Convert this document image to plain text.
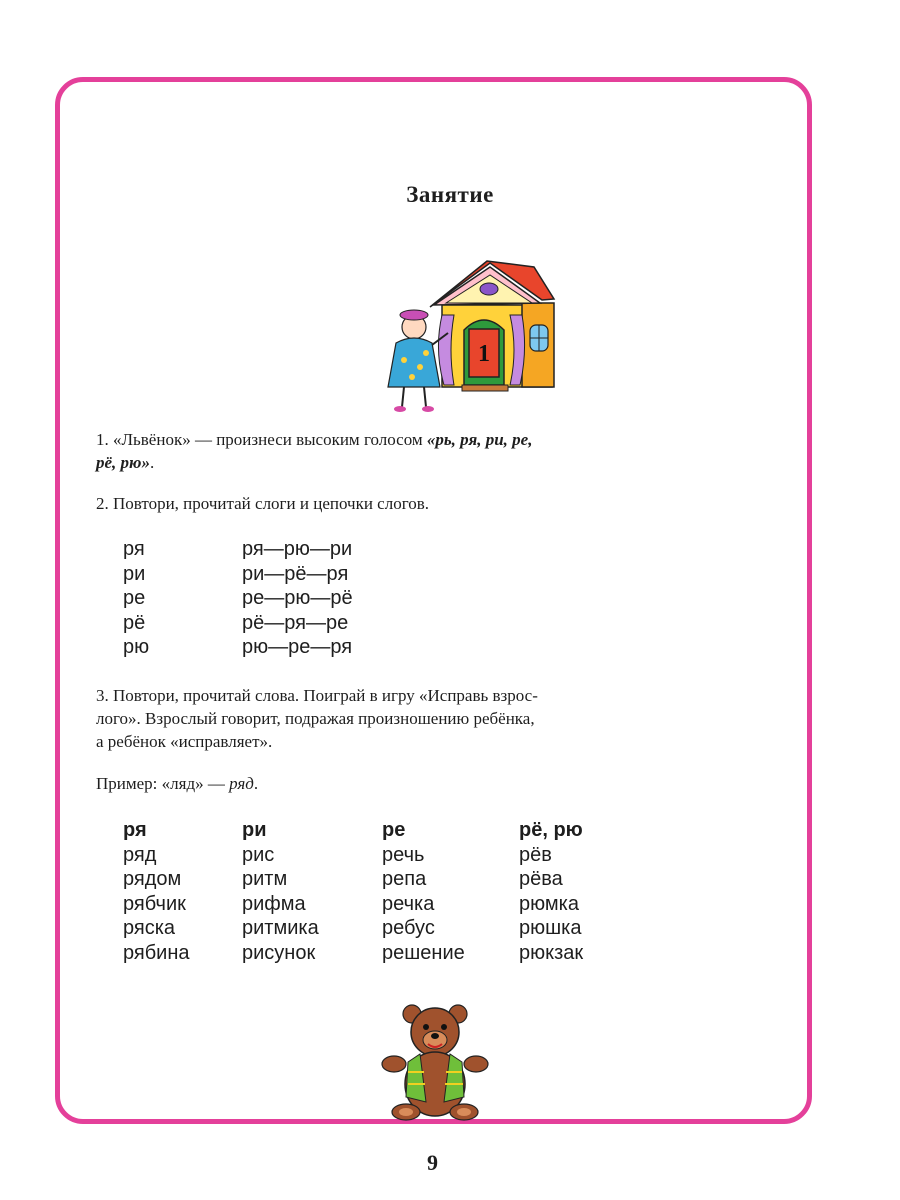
Занятие
1
1. «Львёнок» — произнеси высоким голосом «рь, ря, ри, ре,
рё, рю».
2. Повтори, прочитай слоги и цепочки слогов.
ря
ри
ре
рё
рю
ря—рю—ри
ри—рё—ря
ре—рю—рё
рё—ря—ре
рю—ре—ря
3. Повтори, прочитай слова. Поиграй в игру «Исправь взрос-
лого». Взрослый говорит, подражая произношению ребёнка,
а ребёнок «исправляет».
Пример: «ляд» — ряд.
ря
ряд
рядом
рябчик
ряска
рябина
ри
рис
ритм
рифма
ритмика
рисунок
ре
речь
репа
речка
ребус
решение
рё, рю
рёв
рёва
рюмка
рюшка
рюкзак
9
